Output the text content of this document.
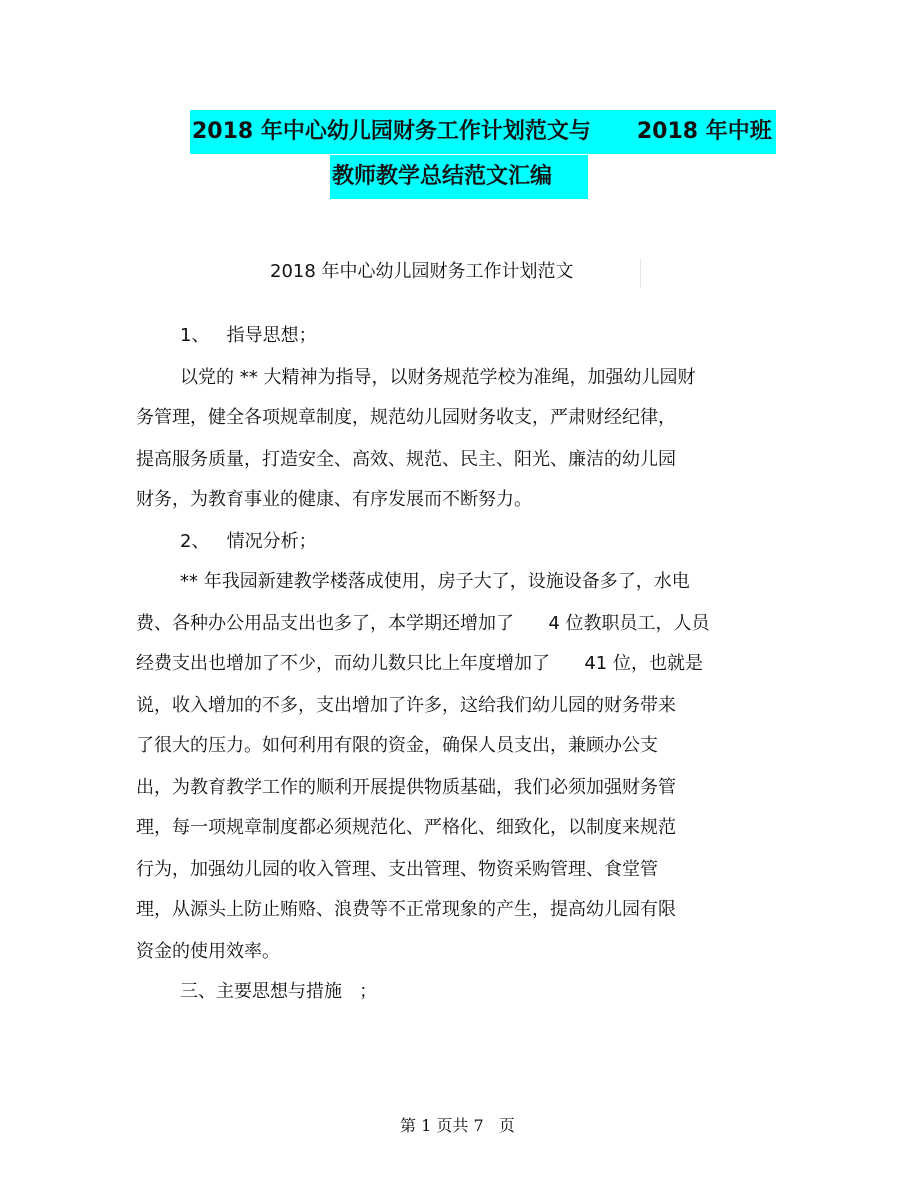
2018 年中心幼儿园财务工作计划范文与      2018 年中班
教师教学总结范文汇编
2018 年中心幼儿园财务工作计划范文
1、   指导思想；
以党的 ** 大精神为指导，以财务规范学校为准绳，加强幼儿园财
务管理，健全各项规章制度，规范幼儿园财务收支，严肃财经纪律，
提高服务质量，打造安全、高效、规范、民主、阳光、廉洁的幼儿园
财务，为教育事业的健康、有序发展而不断努力。
2、   情况分析；
** 年我园新建教学楼落成使用，房子大了，设施设备多了，水电
费、各种办公用品支出也多了，本学期还增加了      4 位教职员工，人员
经费支出也增加了不少，而幼儿数只比上年度增加了      41 位，也就是
说，收入增加的不多，支出增加了许多，这给我们幼儿园的财务带来
了很大的压力。如何利用有限的资金，确保人员支出，兼顾办公支
出，为教育教学工作的顺利开展提供物质基础，我们必须加强财务管
理，每一项规章制度都必须规范化、严格化、细致化，以制度来规范
行为，加强幼儿园的收入管理、支出管理、物资采购管理、食堂管
理，从源头上防止贿赂、浪费等不正常现象的产生，提高幼儿园有限
资金的使用效率。
三、主要思想与措施   ；
第 1 页共 7   页
